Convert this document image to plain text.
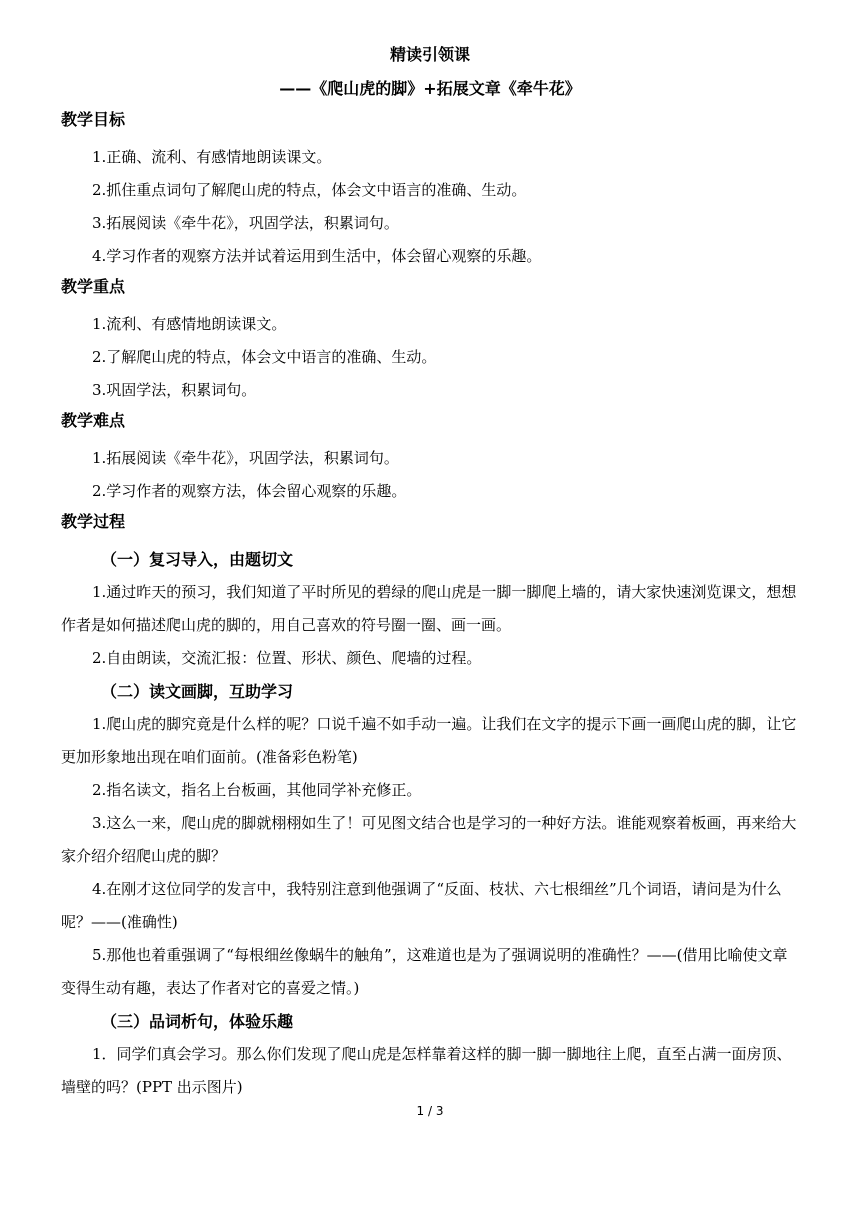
精读引领课
——《爬山虎的脚》+拓展文章《牵牛花》

教学目标

1.正确、流利、有感情地朗读课文。

2.抓住重点词句了解爬山虎的特点，体会文中语言的准确、生动。

3.拓展阅读《牵牛花》，巩固学法，积累词句。

4.学习作者的观察方法并试着运用到生活中，体会留心观察的乐趣。

教学重点

1.流利、有感情地朗读课文。

2.了解爬山虎的特点，体会文中语言的准确、生动。

3.巩固学法，积累词句。

教学难点

1.拓展阅读《牵牛花》，巩固学法，积累词句。

2.学习作者的观察方法，体会留心观察的乐趣。

教学过程

（一）复习导入，由题切文

1.通过昨天的预习，我们知道了平时所见的碧绿的爬山虎是一脚一脚爬上墙的，请大家快速浏览课文，想想作者是如何描述爬山虎的脚的，用自己喜欢的符号圈一圈、画一画。

2.自由朗读，交流汇报：位置、形状、颜色、爬墙的过程。

（二）读文画脚，互助学习

1.爬山虎的脚究竟是什么样的呢？口说千遍不如手动一遍。让我们在文字的提示下画一画爬山虎的脚，让它更加形象地出现在咱们面前。(准备彩色粉笔)

2.指名读文，指名上台板画，其他同学补充修正。

3.这么一来，爬山虎的脚就栩栩如生了！可见图文结合也是学习的一种好方法。谁能观察着板画，再来给大家介绍介绍爬山虎的脚？

4.在刚才这位同学的发言中，我特别注意到他强调了“反面、枝状、六七根细丝”几个词语，请问是为什么呢？——(准确性)

5.那他也着重强调了“每根细丝像蜗牛的触角”，这难道也是为了强调说明的准确性？——(借用比喻使文章变得生动有趣，表达了作者对它的喜爱之情。)

（三）品词析句，体验乐趣

1．同学们真会学习。那么你们发现了爬山虎是怎样靠着这样的脚一脚一脚地往上爬，直至占满一面房顶、墙壁的吗？(PPT 出示图片)

1 / 3
